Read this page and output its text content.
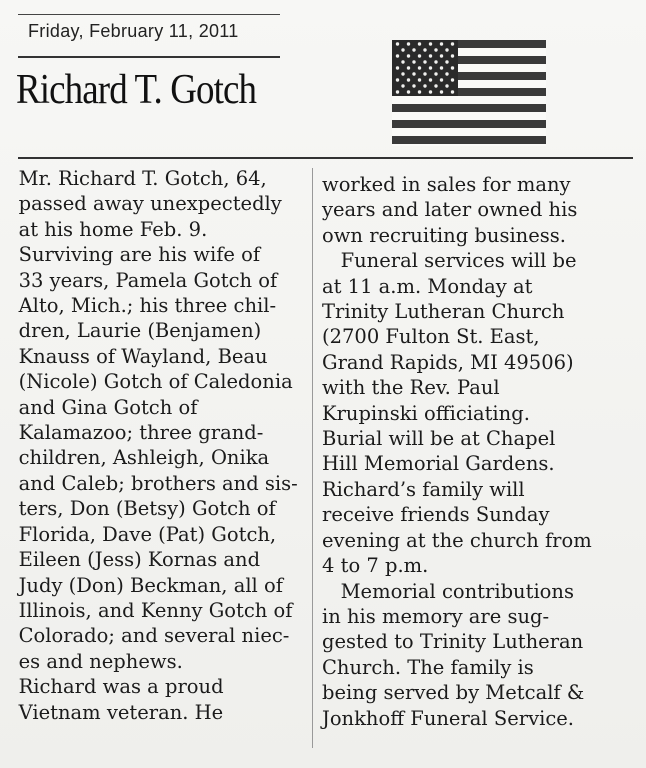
Friday, February 11, 2011
Richard T. Gotch
Mr. Richard T. Gotch, 64,
passed away unexpectedly
at his home Feb. 9.
Surviving are his wife of
33 years, Pamela Gotch of
Alto, Mich.; his three chil-
dren, Laurie (Benjamen)
Knauss of Wayland, Beau
(Nicole) Gotch of Caledonia
and Gina Gotch of
Kalamazoo; three grand-
children, Ashleigh, Onika
and Caleb; brothers and sis-
ters, Don (Betsy) Gotch of
Florida, Dave (Pat) Gotch,
Eileen (Jess) Kornas and
Judy (Don) Beckman, all of
Illinois, and Kenny Gotch of
Colorado; and several niec-
es and nephews.
Richard was a proud
Vietnam veteran. He
worked in sales for many
years and later owned his
own recruiting business.
Funeral services will be
at 11 a.m. Monday at
Trinity Lutheran Church
(2700 Fulton St. East,
Grand Rapids, MI 49506)
with the Rev. Paul
Krupinski officiating.
Burial will be at Chapel
Hill Memorial Gardens.
Richard’s family will
receive friends Sunday
evening at the church from
4 to 7 p.m.
Memorial contributions
in his memory are sug-
gested to Trinity Lutheran
Church. The family is
being served by Metcalf &
Jonkhoff Funeral Service.
